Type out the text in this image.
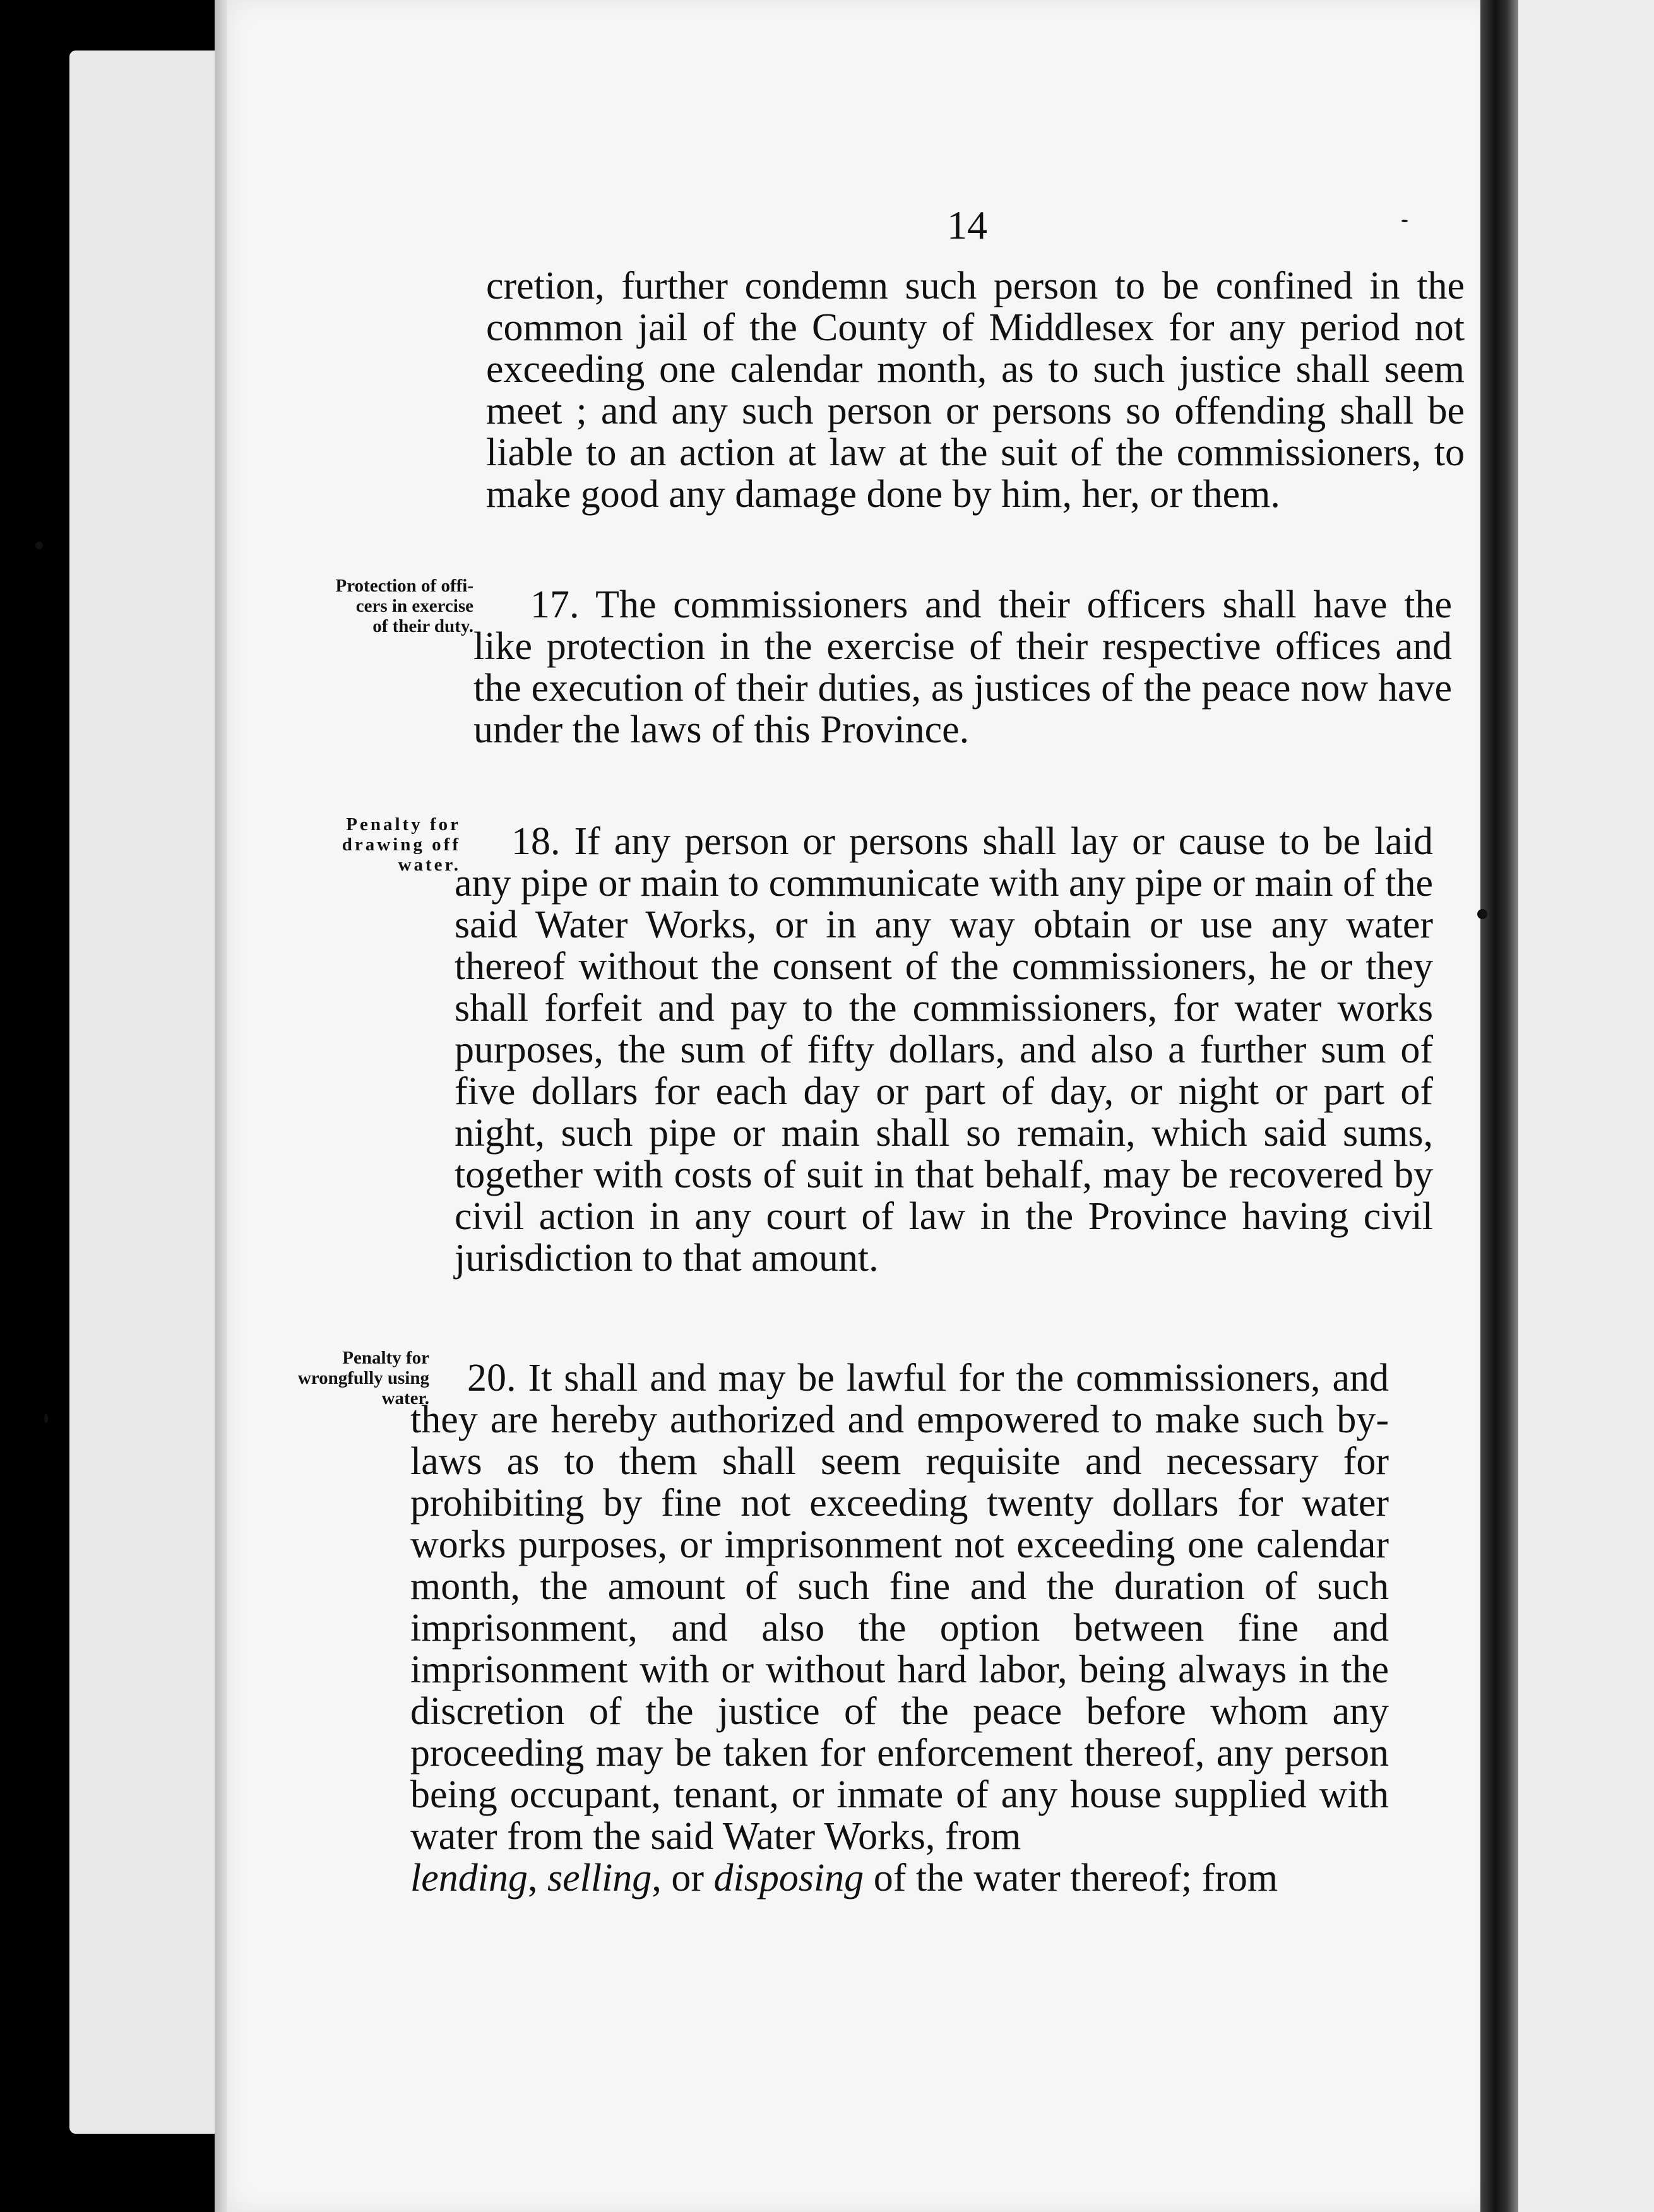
14

cretion, further condemn such person to be confined in the common jail of the County of Middlesex for any period not exceeding one calendar month, as to such justice shall seem meet ; and any such person or persons so offending shall be liable to an action at law at the suit of the commissioners, to make good any damage done by him, her, or them.

Protection of offi-
cers in exercise
of their duty.	17. The commissioners and their officers shall have the like protection in the exercise of their respective offices and the execution of their duties, as justices of the peace now have under the laws of this Province.

Penalty for
drawing off
water.

18. If any person or persons shall lay or cause to be laid any pipe or main to communicate with any pipe or main of the said Water Works, or in any way obtain or use any water thereof without the consent of the commissioners, he or they shall forfeit and pay to the commissioners, for water works purposes, the sum of fifty dollars, and also a further sum of five dollars for each day or part of day, or night or part of night, such pipe or main shall so remain, which said sums, together with costs of suit in that behalf, may be recovered by civil action in any court of law in the Province having civil jurisdiction to that amount.

Penalty for
wrongfully using
water. 20. It shall and may be lawful for the commissioners, and they are hereby authorized and empowered to make such by-laws as to them shall seem requisite and necessary for prohibiting by fine not exceeding twenty dollars for water works purposes, or imprisonment not exceeding one calendar month, the amount of such fine and the duration of such imprisonment, and also the option between fine and imprisonment with or without hard labor, being always in the discretion of the justice of the peace before whom any proceeding may be taken for enforcement thereof, any person being occupant, tenant, or inmate of any house supplied with water from the said Water Works, from
lending, selling, or disposing of the water thereof; from
